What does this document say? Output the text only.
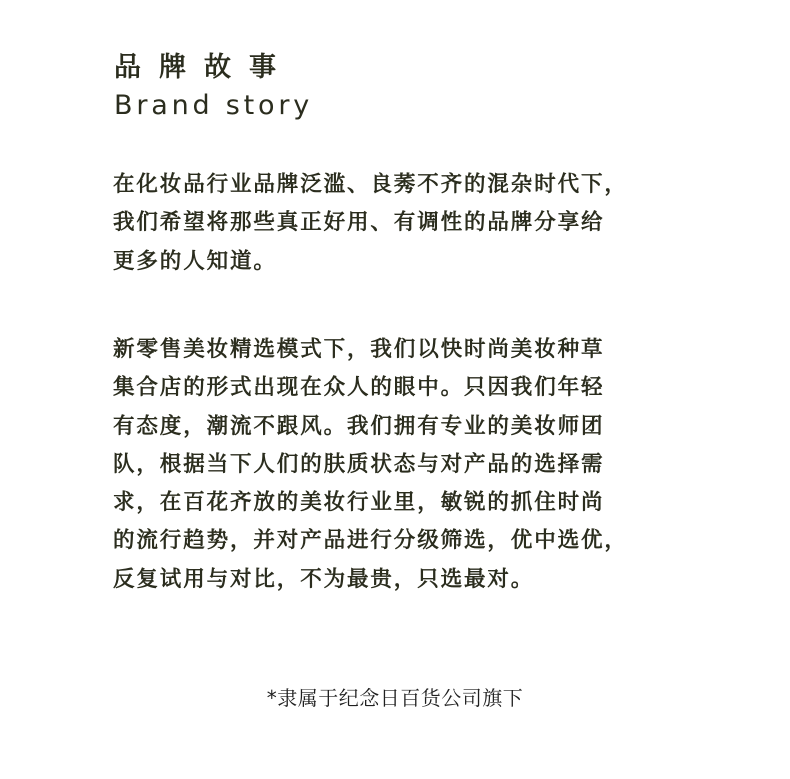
品牌故事
Brand story

在化妆品行业品牌泛滥、良莠不齐的混杂时代下，
我们希望将那些真正好用、有调性的品牌分享给
更多的人知道。

新零售美妆精选模式下，我们以快时尚美妆种草
集合店的形式出现在众人的眼中。只因我们年轻
有态度，潮流不跟风。我们拥有专业的美妆师团
队，根据当下人们的肤质状态与对产品的选择需
求，在百花齐放的美妆行业里，敏锐的抓住时尚
的流行趋势，并对产品进行分级筛选，优中选优，
反复试用与对比，不为最贵，只选最对。

*隶属于纪念日百货公司旗下
